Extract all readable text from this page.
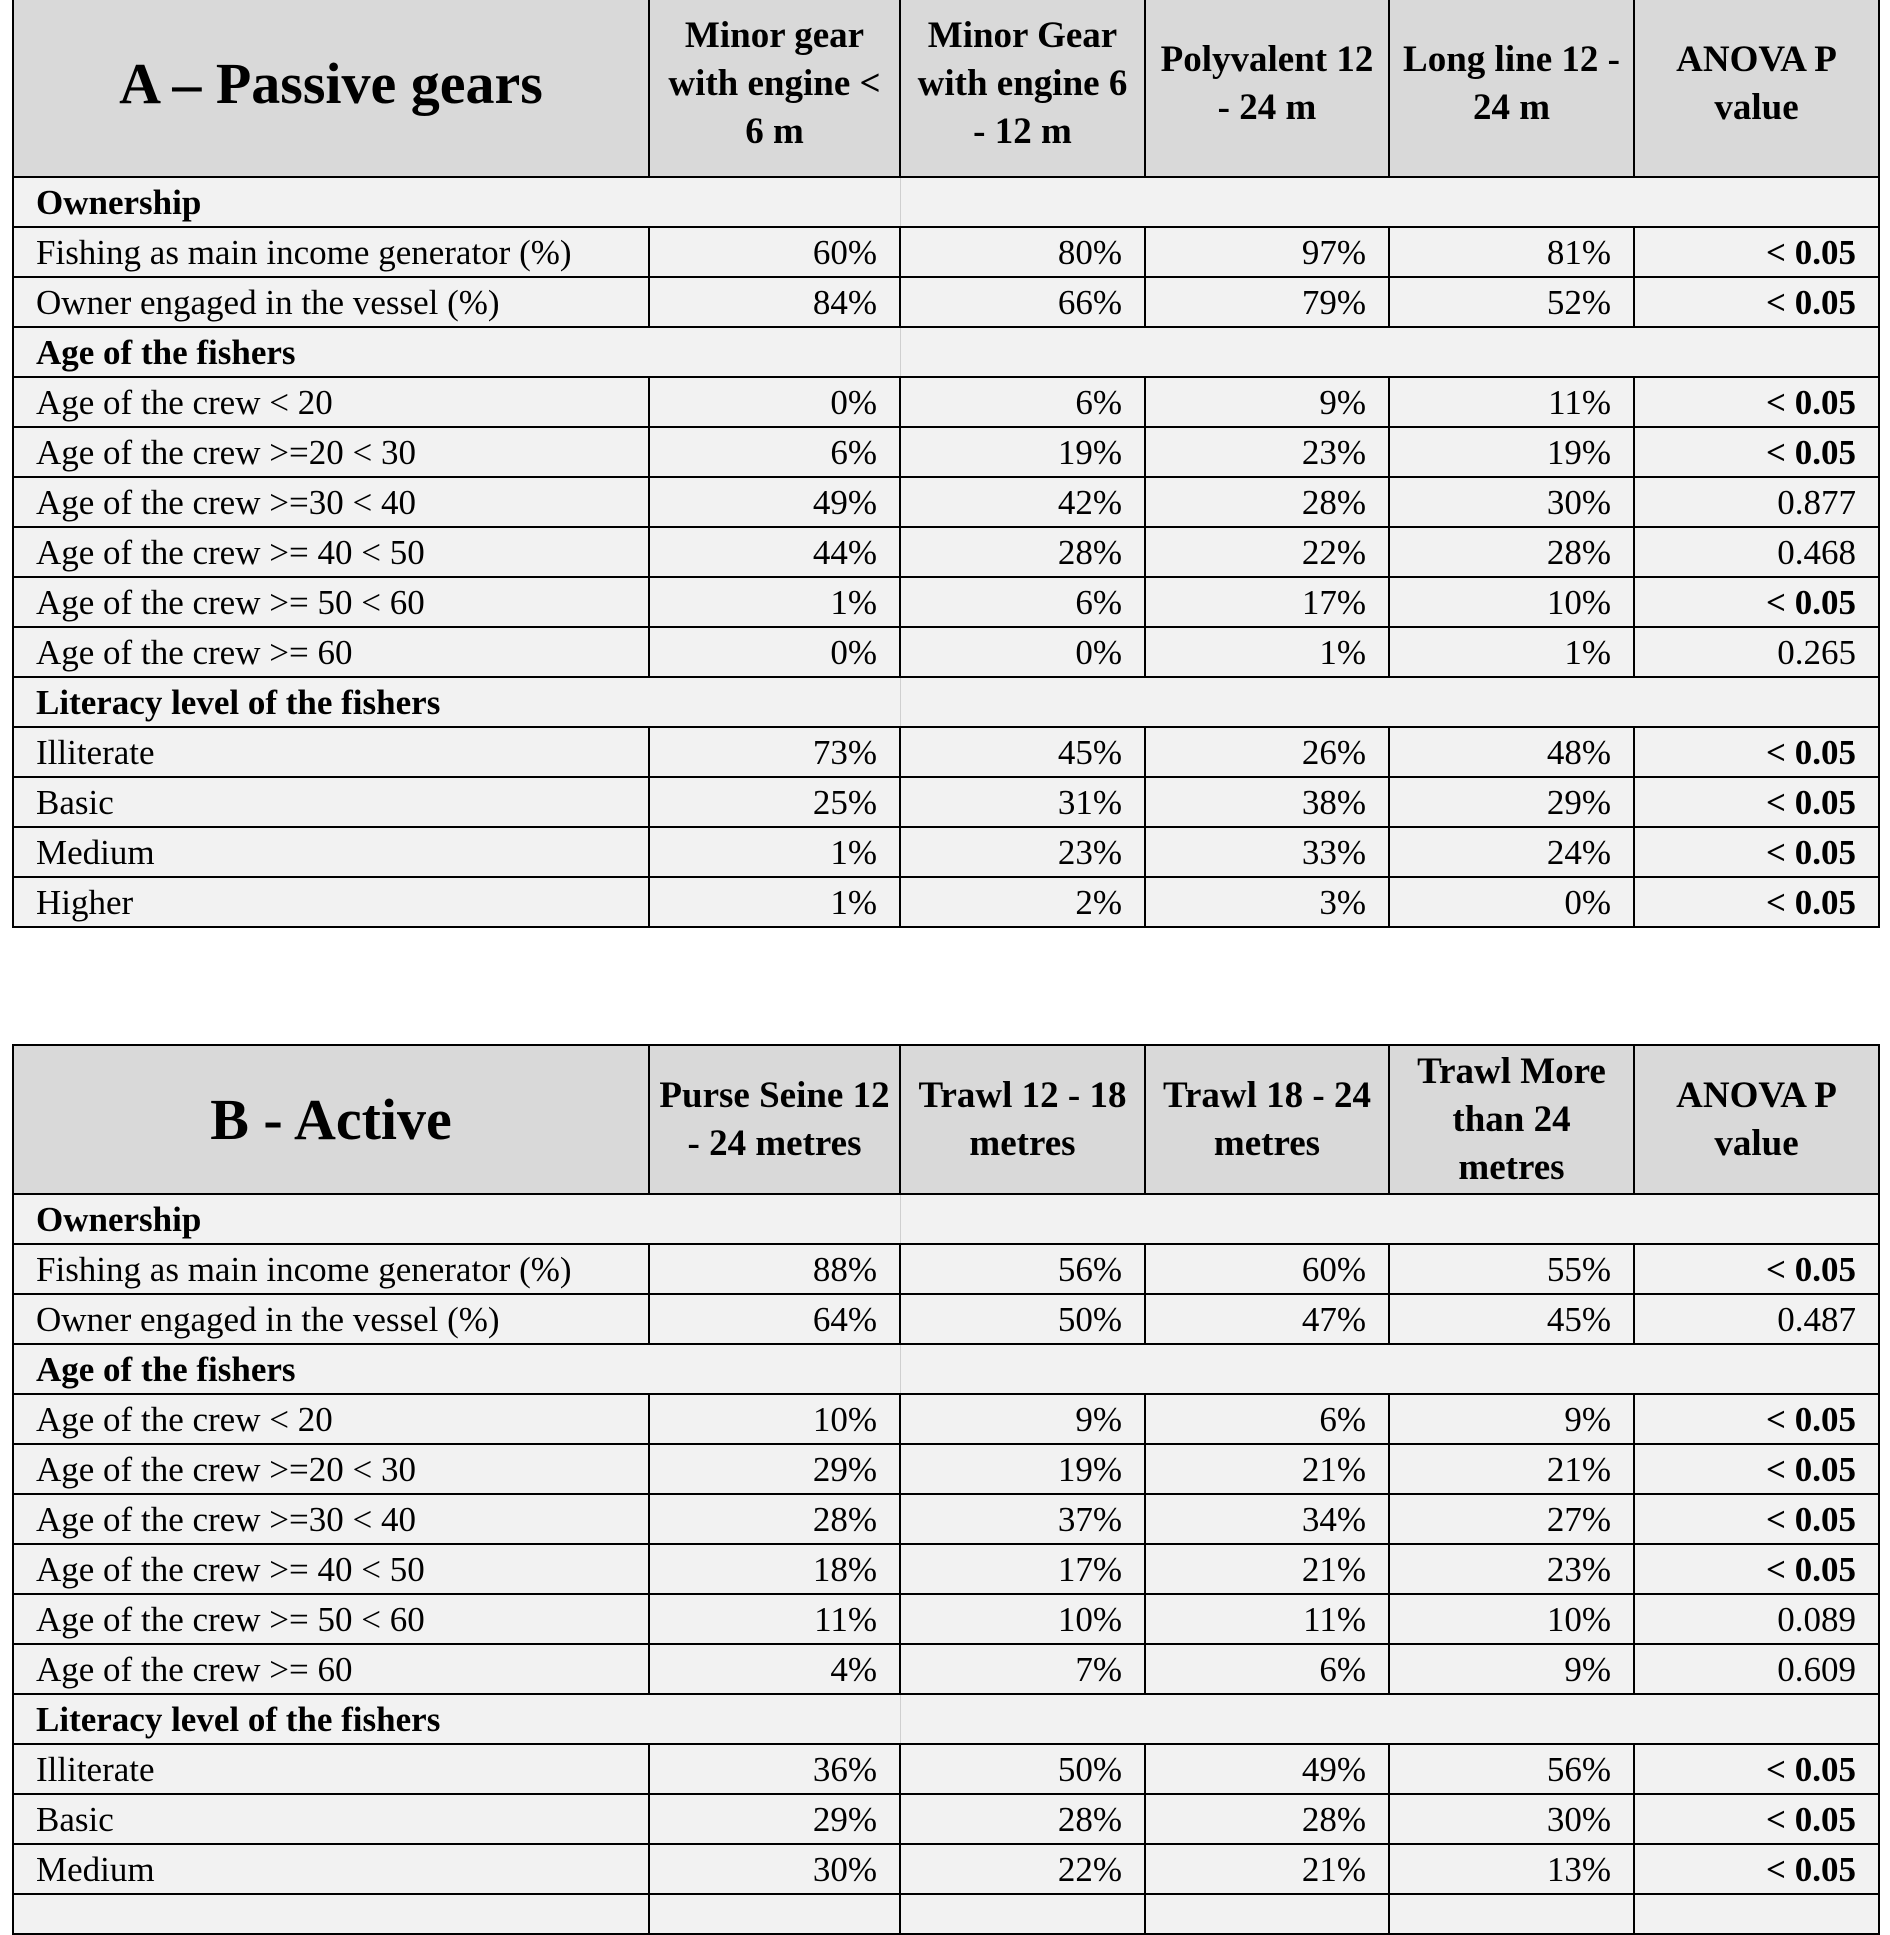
A – Passive gears	Minor gear with engine < 6 m	Minor Gear with engine 6 - 12 m	Polyvalent 12 - 24 m	Long line 12 - 24 m	ANOVA P value
Ownership					
Fishing as main income generator (%)	60%	80%	97%	81%	< 0.05
Owner engaged in the vessel (%)	84%	66%	79%	52%	< 0.05
Age of the fishers					
Age of the crew < 20	0%	6%	9%	11%	< 0.05
Age of the crew >=20 < 30	6%	19%	23%	19%	< 0.05
Age of the crew >=30 < 40	49%	42%	28%	30%	0.877
Age of the crew >= 40 < 50	44%	28%	22%	28%	0.468
Age of the crew >= 50 < 60	1%	6%	17%	10%	< 0.05
Age of the crew >= 60	0%	0%	1%	1%	0.265
Literacy level of the fishers					
Illiterate	73%	45%	26%	48%	< 0.05
Basic	25%	31%	38%	29%	< 0.05
Medium	1%	23%	33%	24%	< 0.05
Higher	1%	2%	3%	0%	< 0.05
B - Active	Purse Seine 12 - 24 metres	Trawl 12 - 18 metres	Trawl 18 - 24 metres	Trawl More than 24 metres	ANOVA P value
Ownership					
Fishing as main income generator (%)	88%	56%	60%	55%	< 0.05
Owner engaged in the vessel (%)	64%	50%	47%	45%	0.487
Age of the fishers					
Age of the crew < 20	10%	9%	6%	9%	< 0.05
Age of the crew >=20 < 30	29%	19%	21%	21%	< 0.05
Age of the crew >=30 < 40	28%	37%	34%	27%	< 0.05
Age of the crew >= 40 < 50	18%	17%	21%	23%	< 0.05
Age of the crew >= 50 < 60	11%	10%	11%	10%	0.089
Age of the crew >= 60	4%	7%	6%	9%	0.609
Literacy level of the fishers					
Illiterate	36%	50%	49%	56%	< 0.05
Basic	29%	28%	28%	30%	< 0.05
Medium	30%	22%	21%	13%	< 0.05
